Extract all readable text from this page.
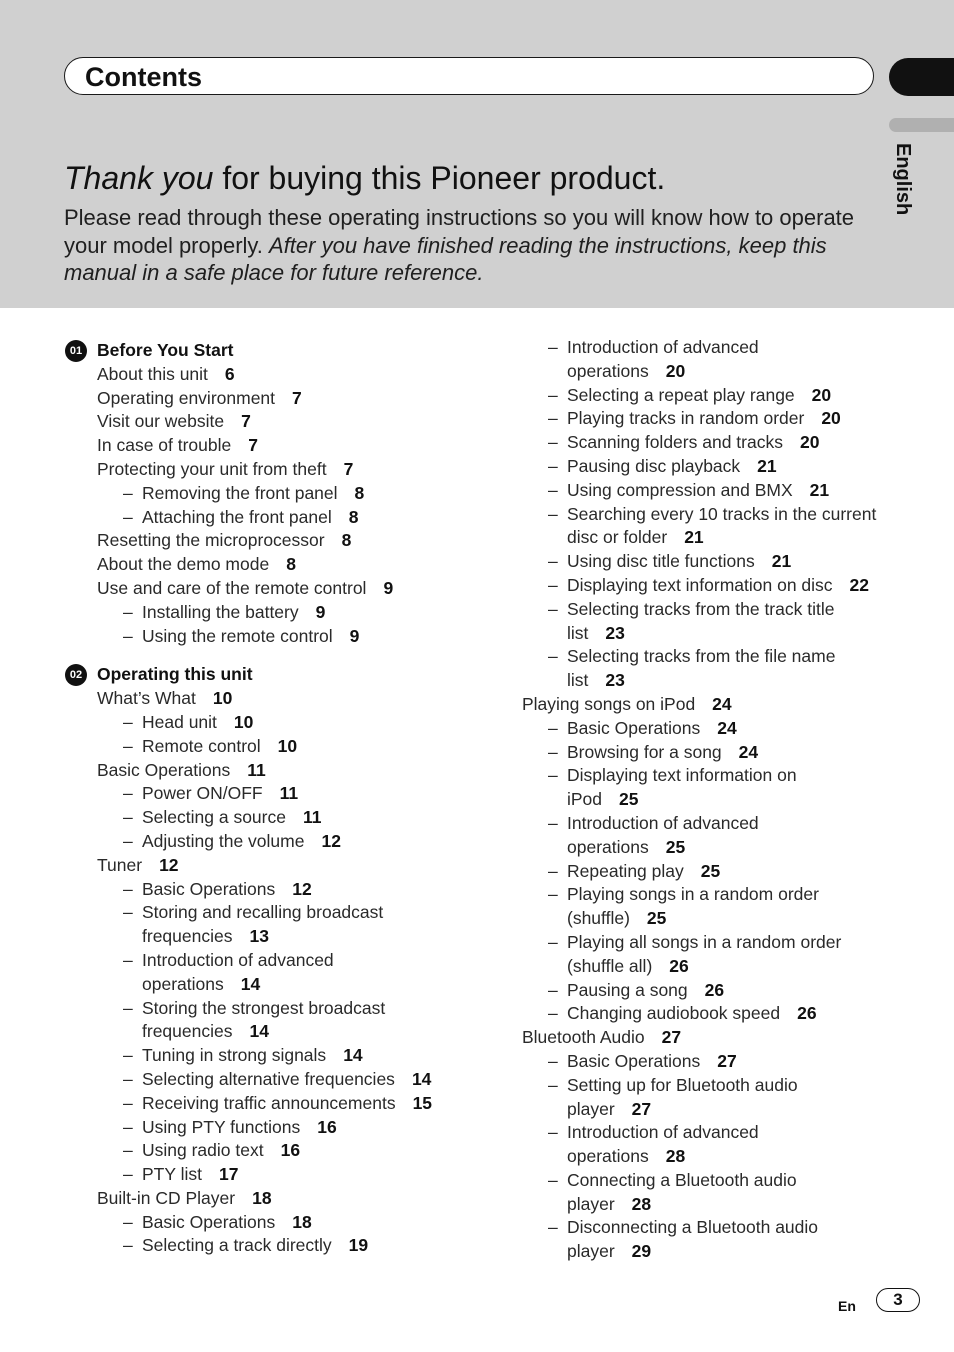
Contents
English
Thank you for buying this Pioneer product.
Please read through these operating instructions so you will know how to operate your model properly. After you have finished reading the instructions, keep this manual in a safe place for future reference.
01 Before You Start
About this unit 6
Operating environment 7
Visit our website 7
In case of trouble 7
Protecting your unit from theft 7
– Removing the front panel 8
– Attaching the front panel 8
Resetting the microprocessor 8
About the demo mode 8
Use and care of the remote control 9
– Installing the battery 9
– Using the remote control 9
02 Operating this unit
What’s What 10
– Head unit 10
– Remote control 10
Basic Operations 11
– Power ON/OFF 11
– Selecting a source 11
– Adjusting the volume 12
Tuner 12
– Basic Operations 12
– Storing and recalling broadcast
frequencies 13
– Introduction of advanced
operations 14
– Storing the strongest broadcast
frequencies 14
– Tuning in strong signals 14
– Selecting alternative frequencies 14
– Receiving traffic announcements 15
– Using PTY functions 16
– Using radio text 16
– PTY list 17
Built-in CD Player 18
– Basic Operations 18
– Selecting a track directly 19
– Introduction of advanced
operations 20
– Selecting a repeat play range 20
– Playing tracks in random order 20
– Scanning folders and tracks 20
– Pausing disc playback 21
– Using compression and BMX 21
– Searching every 10 tracks in the current
disc or folder 21
– Using disc title functions 21
– Displaying text information on disc 22
– Selecting tracks from the track title
list 23
– Selecting tracks from the file name
list 23
Playing songs on iPod 24
– Basic Operations 24
– Browsing for a song 24
– Displaying text information on
iPod 25
– Introduction of advanced
operations 25
– Repeating play 25
– Playing songs in a random order
(shuffle) 25
– Playing all songs in a random order
(shuffle all) 26
– Pausing a song 26
– Changing audiobook speed 26
Bluetooth Audio 27
– Basic Operations 27
– Setting up for Bluetooth audio
player 27
– Introduction of advanced
operations 28
– Connecting a Bluetooth audio
player 28
– Disconnecting a Bluetooth audio
player 29
En	3
